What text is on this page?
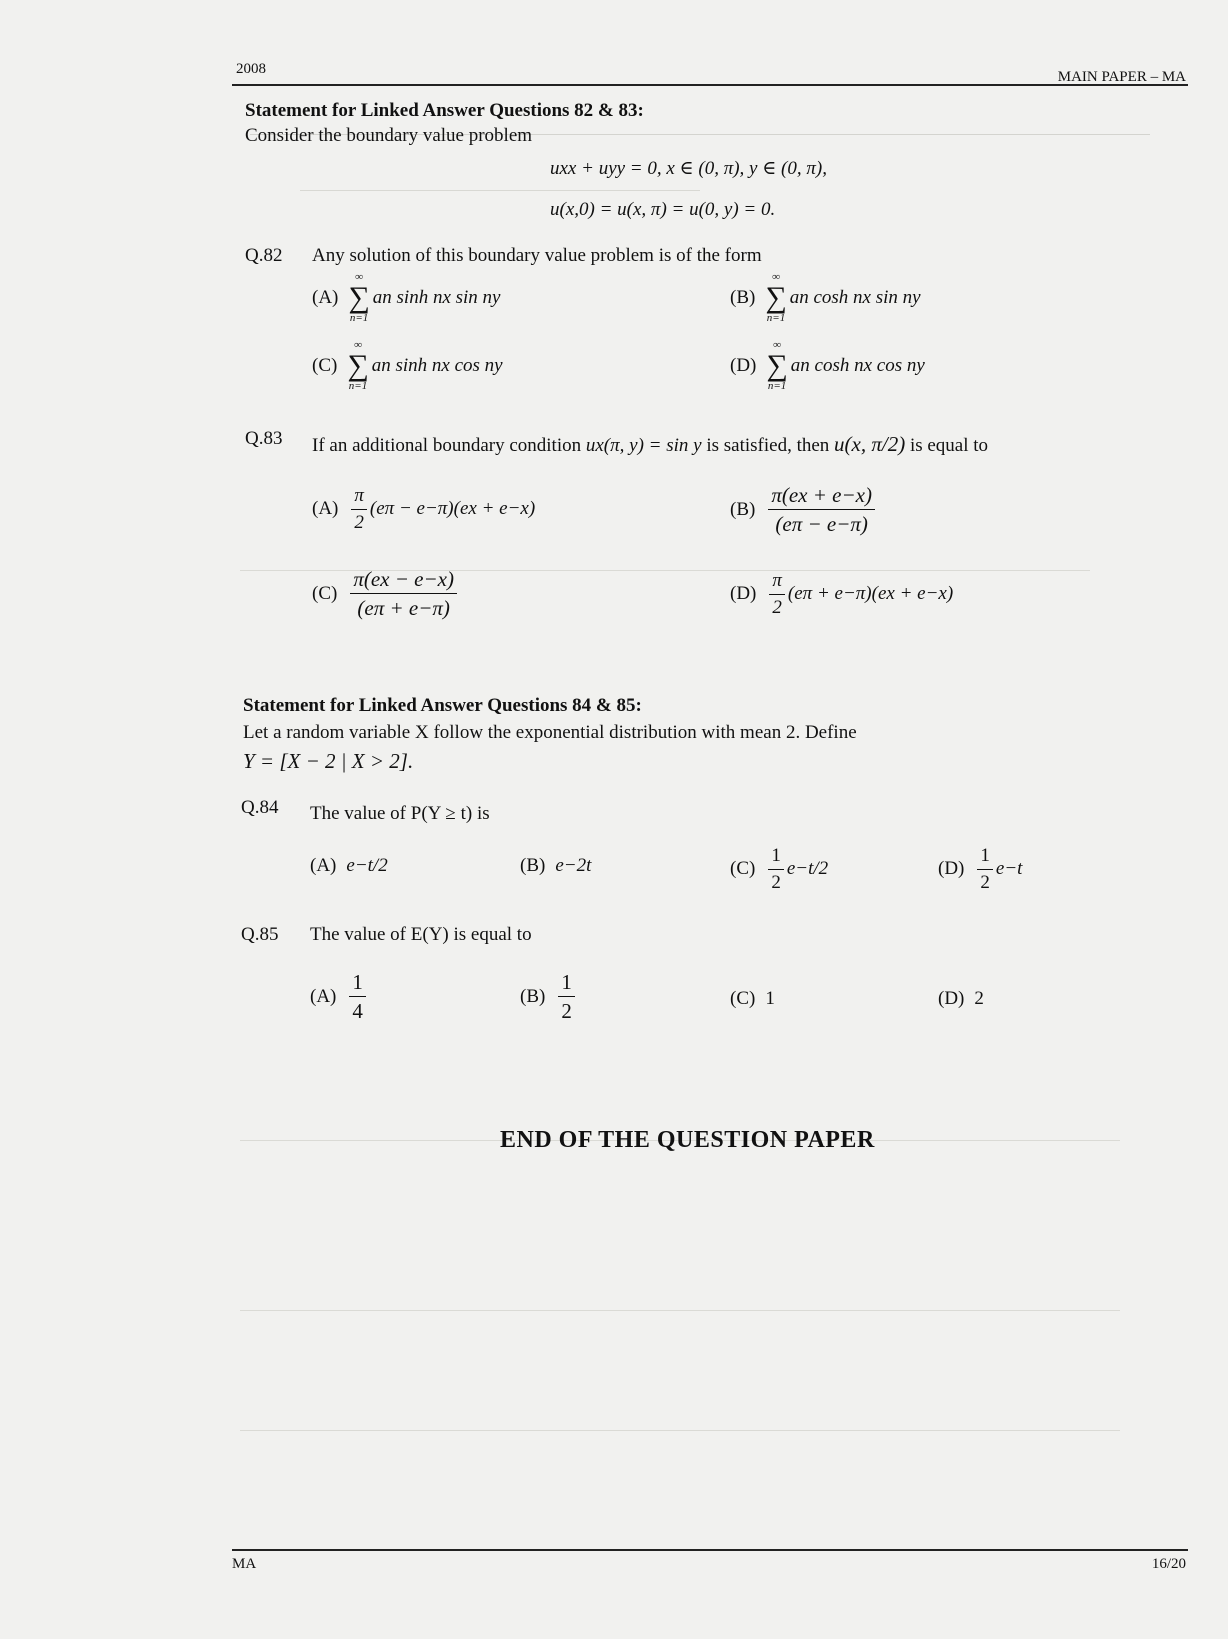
2008	MAIN PAPER – MA
Statement for Linked Answer Questions 82 & 83:
Consider the boundary value problem
uxx + uyy = 0, x ∈ (0, π), y ∈ (0, π),
u(x,0) = u(x, π) = u(0, y) = 0.
Q.82 Any solution of this boundary value problem is of the form
(A)
∞
∑
n=1
an sinh nx sin ny	(B)
∞
∑
n=1
an cosh nx sin ny
(C)
∞
∑
n=1
an sinh nx cos ny	(D)
∞
∑
n=1
an cosh nx cos ny
Q.83 If an additional boundary condition ux(π, y) = sin y is satisfied, then u(x, π/2) is equal to
$(A) \frac{\pi}{2} (e\pi - e-\pi)(ex + e-x)$	$(B) \frac{\pi(ex + e-x)}{(e\pi - e-\pi)}$
$(C) \frac{\pi(ex - e-x)}{(e\pi + e-\pi)}$	$(D) \frac{\pi}{2} (e\pi + e-\pi)(ex + e-x)$
Statement for Linked Answer Questions 84 & 85:
Let a random variable X follow the exponential distribution with mean 2. Define
Y = [X − 2 | X > 2].
Q.84 The value of P(Y ≥ t) is
(A) e−t/2	(B) e−2t	$(C) \frac{1}{2} e-t/2$	$(D) \frac{1}{2} e-t$
Q.85 The value of E(Y) is equal to
$(A) \frac{1}{4}$	$(B) \frac{1}{2}$	(C) 1	(D) 2
END OF THE QUESTION PAPER
MA	16/20
